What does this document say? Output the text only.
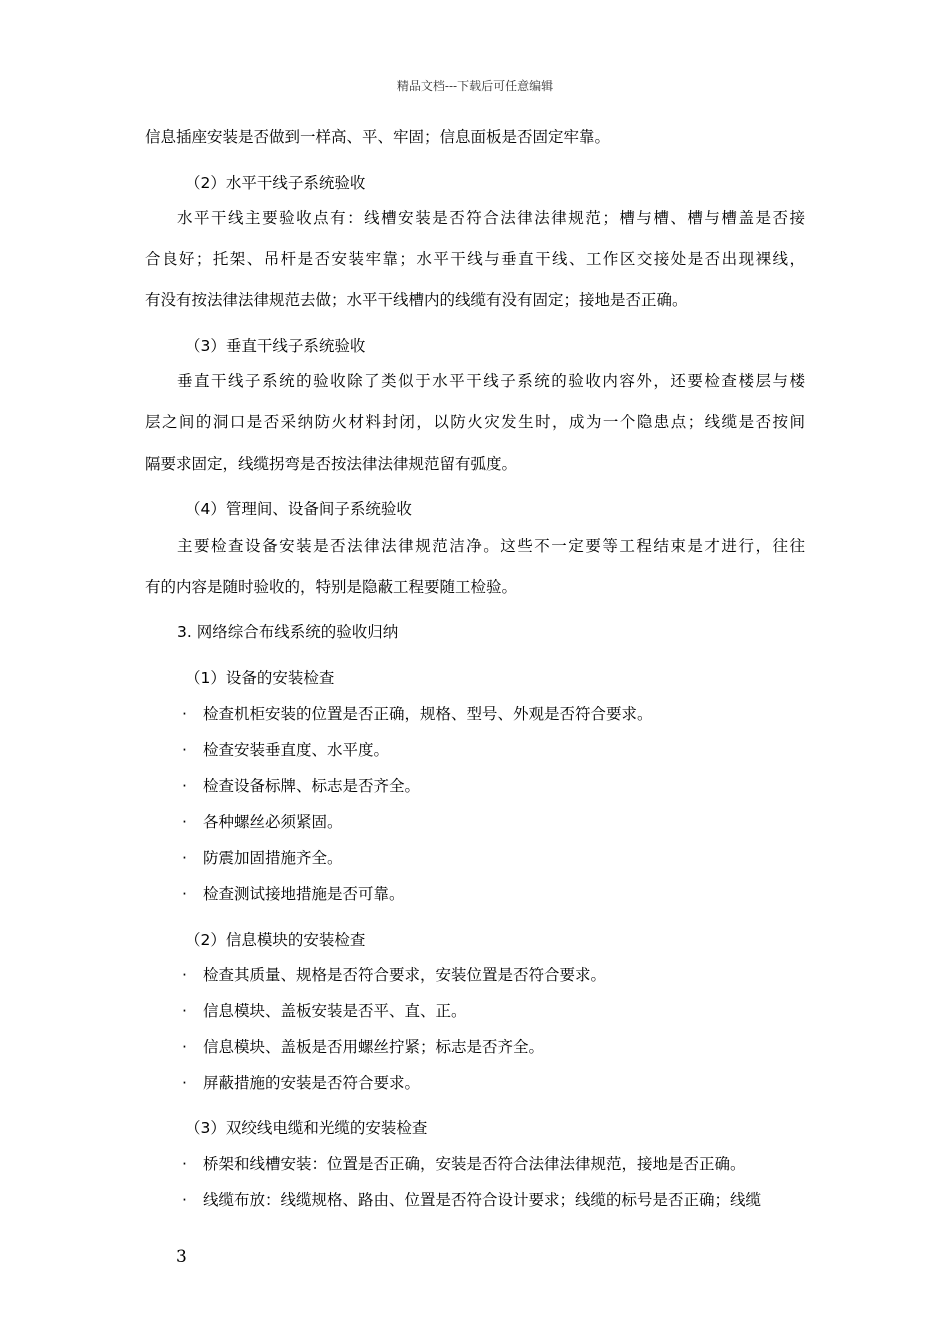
精品文档---下载后可任意编辑
信息插座安装是否做到一样高、平、牢固；信息面板是否固定牢靠。
（2）水平干线子系统验收
水平干线主要验收点有：线槽安装是否符合法律法律规范；槽与槽、槽与槽盖是否接
合良好；托架、吊杆是否安装牢靠；水平干线与垂直干线、工作区交接处是否出现裸线，
有没有按法律法律规范去做；水平干线槽内的线缆有没有固定；接地是否正确。
（3）垂直干线子系统验收
垂直干线子系统的验收除了类似于水平干线子系统的验收内容外，还要检查楼层与楼
层之间的洞口是否采纳防火材料封闭，以防火灾发生时，成为一个隐患点；线缆是否按间
隔要求固定，线缆拐弯是否按法律法律规范留有弧度。
（4）管理间、设备间子系统验收
主要检查设备安装是否法律法律规范洁净。这些不一定要等工程结束是才进行，往往
有的内容是随时验收的，特别是隐蔽工程要随工检验。
3. 网络综合布线系统的验收归纳
（1）设备的安装检查
· 检查机柜安装的位置是否正确，规格、型号、外观是否符合要求。
· 检查安装垂直度、水平度。
· 检查设备标牌、标志是否齐全。
· 各种螺丝必须紧固。
· 防震加固措施齐全。
· 检查测试接地措施是否可靠。
（2）信息模块的安装检查
· 检查其质量、规格是否符合要求，安装位置是否符合要求。
· 信息模块、盖板安装是否平、直、正。
· 信息模块、盖板是否用螺丝拧紧；标志是否齐全。
· 屏蔽措施的安装是否符合要求。
（3）双绞线电缆和光缆的安装检查
· 桥架和线槽安装：位置是否正确，安装是否符合法律法律规范，接地是否正确。
· 线缆布放：线缆规格、路由、位置是否符合设计要求；线缆的标号是否正确；线缆
3
